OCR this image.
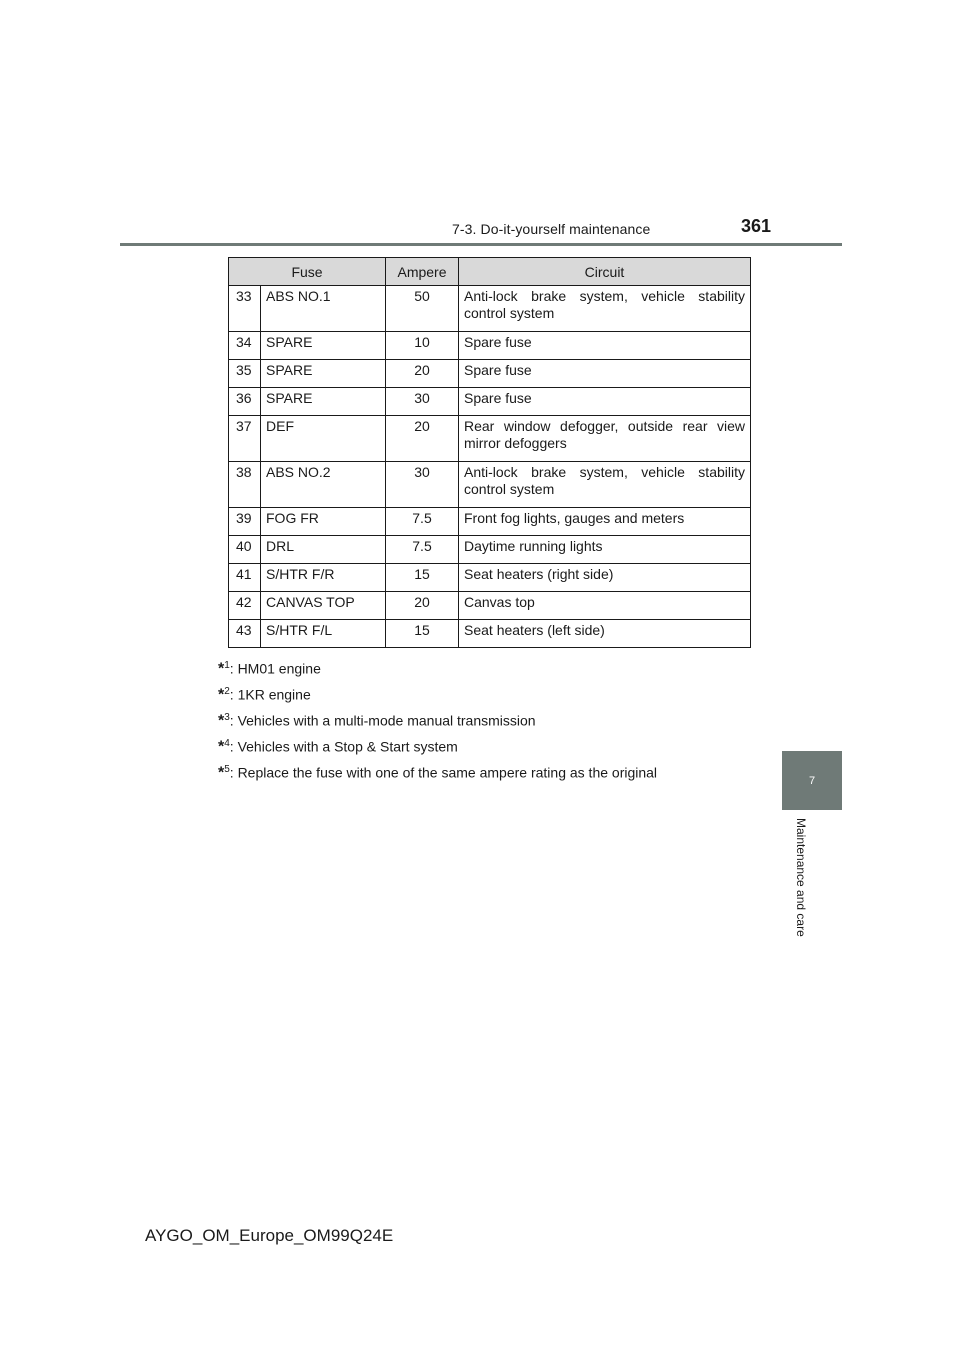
7-3. Do-it-yourself maintenance	361
7
Maintenance and care
Fuse		Ampere	Circuit
33	ABS NO.1	50	Anti-lock brake system, vehicle stability control system
34	SPARE	10	Spare fuse
35	SPARE	20	Spare fuse
36	SPARE	30	Spare fuse
37	DEF	20	Rear window defogger, outside rear view mirror defoggers
38	ABS NO.2	30	Anti-lock brake system, vehicle stability control system
39	FOG FR	7.5	Front fog lights, gauges and meters
40	DRL	7.5	Daytime running lights
41	S/HTR F/R	15	Seat heaters (right side)
42	CANVAS TOP	20	Canvas top
43	S/HTR F/L	15	Seat heaters (left side)
*$^1$: HM01 engine
*$^2$: 1KR engine
*$^3$: Vehicles with a multi-mode manual transmission
*$^4$: Vehicles with a Stop & Start system
*$^5$: Replace the fuse with one of the same ampere rating as the original
AYGO_OM_Europe_OM99Q24E
